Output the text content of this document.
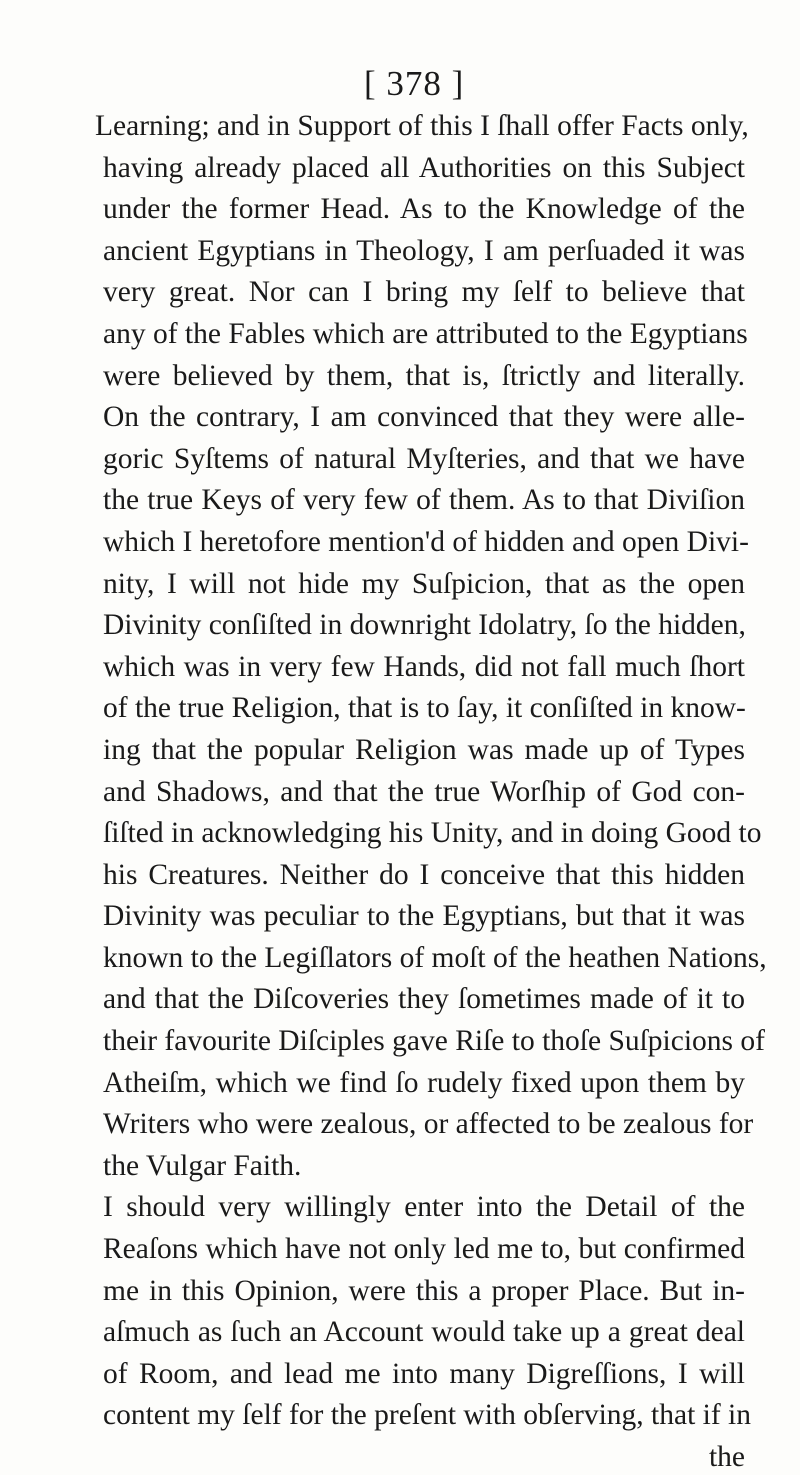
[ 378 ]
Learning; and in Support of this I ſhall offer Facts only,
having already placed all Authorities on this Subject
under the former Head. As to the Knowledge of the
ancient Egyptians in Theology, I am perſuaded it was
very great. Nor can I bring my ſelf to believe that
any of the Fables which are attributed to the Egyptians
were believed by them, that is, ſtrictly and literally.
On the contrary, I am convinced that they were alle-
goric Syſtems of natural Myſteries, and that we have
the true Keys of very few of them. As to that Diviſion
which I heretofore mention'd of hidden and open Divi-
nity, I will not hide my Suſpicion, that as the open
Divinity conſiſted in downright Idolatry, ſo the hidden,
which was in very few Hands, did not fall much ſhort
of the true Religion, that is to ſay, it conſiſted in know-
ing that the popular Religion was made up of Types
and Shadows, and that the true Worſhip of God con-
ſiſted in acknowledging his Unity, and in doing Good to
his Creatures. Neither do I conceive that this hidden
Divinity was peculiar to the Egyptians, but that it was
known to the Legiſlators of moſt of the heathen Nations,
and that the Diſcoveries they ſometimes made of it to
their favourite Diſciples gave Riſe to thoſe Suſpicions of
Atheiſm, which we find ſo rudely fixed upon them by
Writers who were zealous, or affected to be zealous for
the Vulgar Faith.
I should very willingly enter into the Detail of the
Reaſons which have not only led me to, but confirmed
me in this Opinion, were this a proper Place. But in-
aſmuch as ſuch an Account would take up a great deal
of Room, and lead me into many Digreſſions, I will
content my ſelf for the preſent with obſerving, that if in
the
